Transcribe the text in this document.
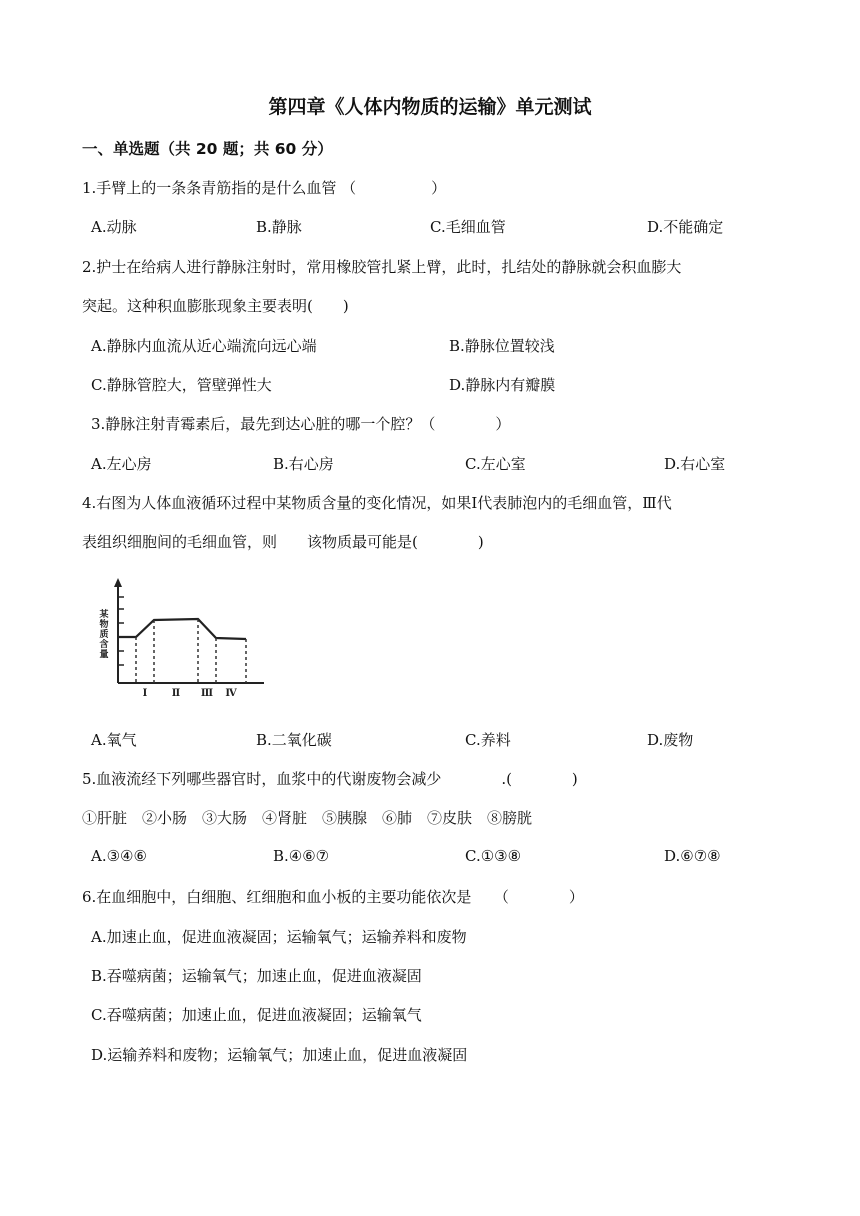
第四章《人体内物质的运输》单元测试
一、单选题（共 20 题；共 60 分）
1.手臂上的一条条青筋指的是什么血管 （　　　　　）
A.动脉	B.静脉	C.毛细血管	D.不能确定
2.护士在给病人进行静脉注射时，常用橡胶管扎紧上臂，此时，扎结处的静脉就会积血膨大
突起。这种积血膨胀现象主要表明(　　)
A.静脉内血流从近心端流向远心端	B.静脉位置较浅
C.静脉管腔大，管壁弹性大	D.静脉内有瓣膜
3.静脉注射青霉素后，最先到达心脏的哪一个腔？（　　　　）
A.左心房	B.右心房	C.左心室	D.右心室
4.右图为人体血液循环过程中某物质含量的变化情况，如果Ⅰ代表肺泡内的毛细血管，Ⅲ代
表组织细胞间的毛细血管，则　　该物质最可能是(　　　　)
某
物
质
含
量
Ⅰ Ⅱ Ⅲ Ⅳ
A.氧气	B.二氧化碳	C.养料	D.废物
5.血液流经下列哪些器官时，血浆中的代谢废物会减少　　　　.(　　　　)
①肝脏　②小肠　③大肠　④肾脏　⑤胰腺　⑥肺　⑦皮肤　⑧膀胱
A.③④⑥	B.④⑥⑦	C.①③⑧	D.⑥⑦⑧
6.在血细胞中，白细胞、红细胞和血小板的主要功能依次是　　（　　　　）
A.加速止血，促进血液凝固；运输氧气；运输养料和废物
B.吞噬病菌；运输氧气；加速止血，促进血液凝固
C.吞噬病菌；加速止血，促进血液凝固；运输氧气
D.运输养料和废物；运输氧气；加速止血，促进血液凝固
